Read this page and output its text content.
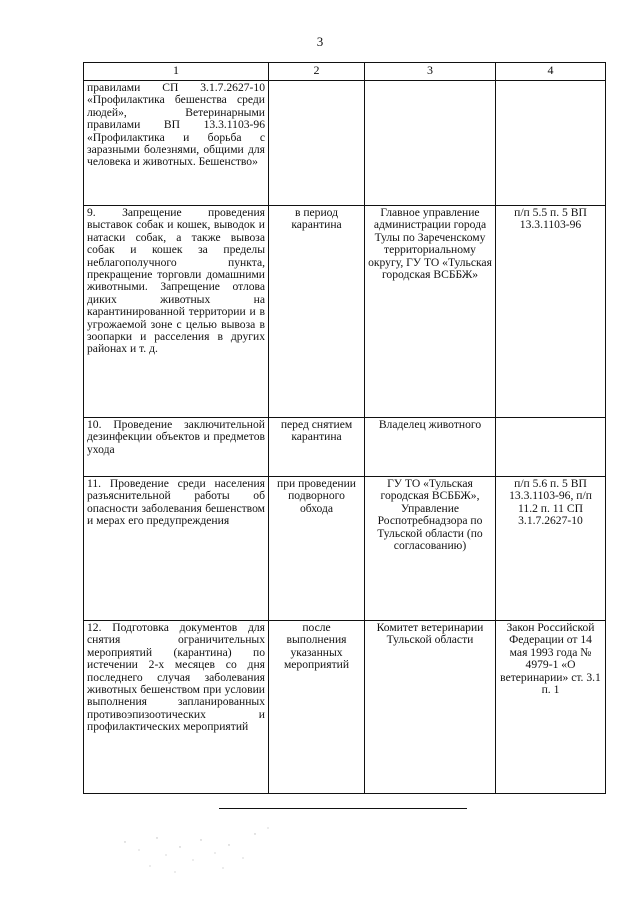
3
1	2	3	4
правилами СП 3.1.7.2627-10 «Профилактика бешенства среди людей», Ветеринарными правилами ВП 13.3.1103-96 «Профилактика и борьба с заразными болезнями, общими для человека и животных. Бешенство»			
9. Запрещение проведения выставок собак и кошек, выводок и натаски собак, а также вывоза собак и кошек за пределы неблагополучного пункта, прекращение торговли домашними животными. Запрещение отлова диких животных на карантинированной территории и в угрожаемой зоне с целью вывоза в зоопарки и расселения в других районах и т. д.	в период карантина	Главное управление администрации города Тулы по Зареченскому территориальному округу, ГУ ТО «Тульская городская ВСББЖ»	п/п 5.5 п. 5 ВП 13.3.1103-96
10. Проведение заключительной дезинфекции объектов и предметов ухода	перед снятием карантина	Владелец животного	
11. Проведение среди населения разъяснительной работы об опасности заболевания бешенством и мерах его предупреждения	при проведении подворного обхода	ГУ ТО «Тульская городская ВСББЖ», Управление Роспотребнадзора по Тульской области (по согласованию)	п/п 5.6 п. 5 ВП 13.3.1103-96, п/п 11.2 п. 11 СП 3.1.7.2627-10
12. Подготовка документов для снятия ограничительных мероприятий (карантина) по истечении 2-х месяцев со дня последнего случая заболевания животных бешенством при условии выполнения запланированных противоэпизоотических и профилактических мероприятий	после выполнения указанных мероприятий	Комитет ветеринарии Тульской области	Закон Российской Федерации от 14 мая 1993 года № 4979-1 «О ветеринарии» ст. 3.1 п. 1
